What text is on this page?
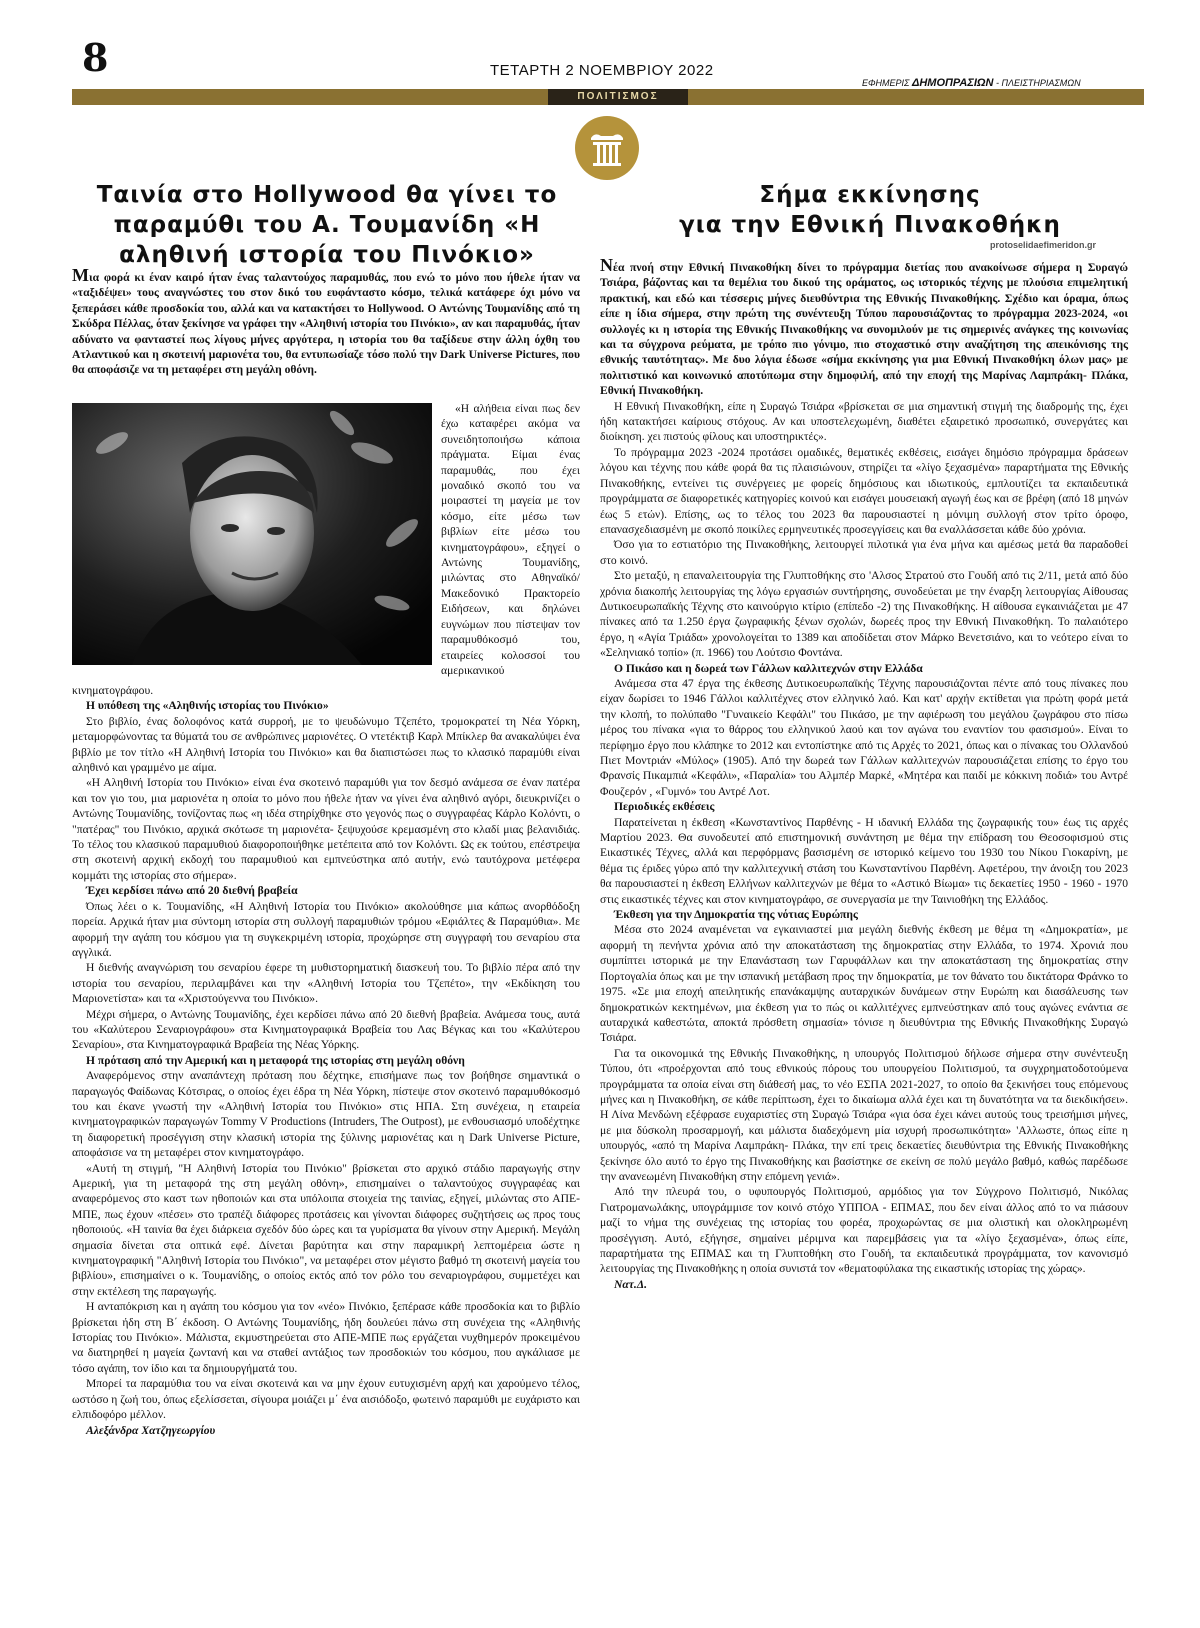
8	ΤΕΤΑΡΤΗ 2 ΝΟΕΜΒΡΙΟΥ 2022
ΕΦΗΜΕΡΙΣ ΔΗΜΟΠΡΑΣΙΩΝ - ΠΛΕΙΣΤΗΡΙΑΣΜΩΝ
ΠΟΛΙΤΙΣΜΟΣ
protoselidaefimeridon.gr
Ταινία στο Hollywood θα γίνει το παραμύθι του Α. Τουμανίδη «Η αληθινή ιστορία του Πινόκιο»

Μια φορά κι έναν καιρό ήταν ένας ταλαντούχος παραμυθάς, που ενώ το μόνο που ήθελε ήταν να «ταξιδέψει» τους αναγνώστες του στον δικό του ευφάνταστο κόσμο, τελικά κατάφερε όχι μόνο να ξεπεράσει κάθε προσδοκία του, αλλά και να κατακτήσει το Hollywood. Ο Αντώνης Τουμανίδης από τη Σκύδρα Πέλλας, όταν ξεκίνησε να γράφει την «Αληθινή ιστορία του Πινόκιο», αν και παραμυθάς, ήταν αδύνατο να φανταστεί πως λίγους μήνες αργότερα, η ιστορία του θα ταξίδευε στην άλλη όχθη του Ατλαντικού και η σκοτεινή μαριονέτα του, θα εντυπωσίαζε τόσο πολύ την Dark Universe Pictures, που θα αποφάσιζε να τη μεταφέρει στη μεγάλη οθόνη.

«Η αλήθεια είναι πως δεν έχω καταφέρει ακόμα να συνειδητοποιήσω κάποια πράγματα. Είμαι ένας παραμυθάς, που έχει μοναδικό σκοπό του να μοιραστεί τη μαγεία με τον κόσμο, είτε μέσω των βιβλίων είτε μέσω του κινηματογράφου», εξηγεί ο Αντώνης Τουμανίδης, μιλώντας στο Αθηναϊκό/Μακεδονικό Πρακτορείο Ειδήσεων, και δηλώνει ευγνώμων που πίστεψαν τον παραμυθόκοσμό του, εταιρείες κολοσσοί του αμερικανικού

κινηματογράφου.

Η υπόθεση της «Αληθινής ιστορίας του Πινόκιο»

Στο βιβλίο, ένας δολοφόνος κατά συρροή, με το ψευδώνυμο Τζεπέτο, τρομοκρατεί τη Νέα Υόρκη, μεταμορφώνοντας τα θύματά του σε ανθρώπινες μαριονέτες. Ο ντετέκτιβ Καρλ Μπίκλερ θα ανακαλύψει ένα βιβλίο με τον τίτλο «Η Αληθινή Ιστορία του Πινόκιο» και θα διαπιστώσει πως το κλασικό παραμύθι είναι αληθινό και γραμμένο με αίμα.

«Η Αληθινή Ιστορία του Πινόκιο» είναι ένα σκοτεινό παραμύθι για τον δεσμό ανάμεσα σε έναν πατέρα και τον γιο του, μια μαριονέτα η οποία το μόνο που ήθελε ήταν να γίνει ένα αληθινό αγόρι, διευκρινίζει ο Αντώνης Τουμανίδης, τονίζοντας πως «η ιδέα στηρίχθηκε στο γεγονός πως ο συγγραφέας Κάρλο Κολόντι, ο "πατέρας" του Πινόκιο, αρχικά σκότωσε τη μαριονέτα- ξεψυχούσε κρεμασμένη στο κλαδί μιας βελανιδιάς. Το τέλος του κλασικού παραμυθιού διαφοροποιήθηκε μετέπειτα από τον Κολόντι. Ως εκ τούτου, επέστρεψα στη σκοτεινή αρχική εκδοχή του παραμυθιού και εμπνεύστηκα από αυτήν, ενώ ταυτόχρονα μετέφερα κομμάτι της ιστορίας στο σήμερα».

Έχει κερδίσει πάνω από 20 διεθνή βραβεία

Όπως λέει ο κ. Τουμανίδης, «Η Αληθινή Ιστορία του Πινόκιο» ακολούθησε μια κάπως ανορθόδοξη πορεία. Αρχικά ήταν μια σύντομη ιστορία στη συλλογή παραμυθιών τρόμου «Εφιάλτες & Παραμύθια». Με αφορμή την αγάπη του κόσμου για τη συγκεκριμένη ιστορία, προχώρησε στη συγγραφή του σεναρίου στα αγγλικά.

Η διεθνής αναγνώριση του σεναρίου έφερε τη μυθιστορηματική διασκευή του. Το βιβλίο πέρα από την ιστορία του σεναρίου, περιλαμβάνει και την «Αληθινή Ιστορία του Τζεπέτο», την «Εκδίκηση του Μαριονετίστα» και τα «Χριστούγεννα του Πινόκιο».

Μέχρι σήμερα, ο Αντώνης Τουμανίδης, έχει κερδίσει πάνω από 20 διεθνή βραβεία. Ανάμεσα τους, αυτά του «Καλύτερου Σεναριογράφου» στα Κινηματογραφικά Βραβεία του Λας Βέγκας και του «Καλύτερου Σεναρίου», στα Κινηματογραφικά Βραβεία της Νέας Υόρκης.

Η πρόταση από την Αμερική και η μεταφορά της ιστορίας στη μεγάλη οθόνη

Αναφερόμενος στην αναπάντεχη πρόταση που δέχτηκε, επισήμανε πως τον βοήθησε σημαντικά ο παραγωγός Φαίδωνας Κότσιρας, ο οποίος έχει έδρα τη Νέα Υόρκη, πίστεψε στον σκοτεινό παραμυθόκοσμό του και έκανε γνωστή την «Αληθινή Ιστορία του Πινόκιο» στις ΗΠΑ. Στη συνέχεια, η εταιρεία κινηματογραφικών παραγωγών Tommy V Productions (Intruders, The Outpost), με ενθουσιασμό υποδέχτηκε τη διαφορετική προσέγγιση στην κλασική ιστορία της ξύλινης μαριονέτας και η Dark Universe Picture, αποφάσισε να τη μεταφέρει στον κινηματογράφο.

«Αυτή τη στιγμή, "Η Αληθινή Ιστορία του Πινόκιο" βρίσκεται στο αρχικό στάδιο παραγωγής στην Αμερική, για τη μεταφορά της στη μεγάλη οθόνη», επισημαίνει ο ταλαντούχος συγγραφέας και αναφερόμενος στο καστ των ηθοποιών και στα υπόλοιπα στοιχεία της ταινίας, εξηγεί, μιλώντας στο ΑΠΕ-ΜΠΕ, πως έχουν «πέσει» στο τραπέζι διάφορες προτάσεις και γίνονται διάφορες συζητήσεις ως προς τους ηθοποιούς. «Η ταινία θα έχει διάρκεια σχεδόν δύο ώρες και τα γυρίσματα θα γίνουν στην Αμερική. Μεγάλη σημασία δίνεται στα οπτικά εφέ. Δίνεται βαρύτητα και στην παραμικρή λεπτομέρεια ώστε η κινηματογραφική "Αληθινή Ιστορία του Πινόκιο", να μεταφέρει στον μέγιστο βαθμό τη σκοτεινή μαγεία του βιβλίου», επισημαίνει ο κ. Τουμανίδης, ο οποίος εκτός από τον ρόλο του σεναριογράφου, συμμετέχει και στην εκτέλεση της παραγωγής.

Η ανταπόκριση και η αγάπη του κόσμου για τον «νέο» Πινόκιο, ξεπέρασε κάθε προσδοκία και το βιβλίο βρίσκεται ήδη στη Β΄ έκδοση. Ο Αντώνης Τουμανίδης, ήδη δουλεύει πάνω στη συνέχεια της «Αληθινής Ιστορίας του Πινόκιο». Μάλιστα, εκμυστηρεύεται στο ΑΠΕ-ΜΠΕ πως εργάζεται νυχθημερόν προκειμένου να διατηρηθεί η μαγεία ζωντανή και να σταθεί αντάξιος των προσδοκιών του κόσμου, που αγκάλιασε με τόσο αγάπη, τον ίδιο και τα δημιουργήματά του.

Μπορεί τα παραμύθια του να είναι σκοτεινά και να μην έχουν ευτυχισμένη αρχή και χαρούμενο τέλος, ωστόσο η ζωή του, όπως εξελίσσεται, σίγουρα μοιάζει μ΄ ένα αισιόδοξο, φωτεινό παραμύθι με ευχάριστο και ελπιδοφόρο μέλλον.

Αλεξάνδρα Χατζηγεωργίου
Σήμα εκκίνησης
για την Εθνική Πινακοθήκη

Νέα πνοή στην Εθνική Πινακοθήκη δίνει το πρόγραμμα διετίας που ανακοίνωσε σήμερα η Συραγώ Τσιάρα, βάζοντας και τα θεμέλια του δικού της οράματος, ως ιστορικός τέχνης με πλούσια επιμελητική πρακτική, και εδώ και τέσσερις μήνες διευθύντρια της Εθνικής Πινακοθήκης. Σχέδιο και όραμα, όπως είπε η ίδια σήμερα, στην πρώτη της συνέντευξη Τύπου παρουσιάζοντας το πρόγραμμα 2023-2024, «οι συλλογές κι η ιστορία της Εθνικής Πινακοθήκης να συνομιλούν με τις σημερινές ανάγκες της κοινωνίας και τα σύγχρονα ρεύματα, με τρόπο πιο γόνιμο, πιο στοχαστικό στην αναζήτηση της απεικόνισης της εθνικής ταυτότητας». Με δυο λόγια έδωσε «σήμα εκκίνησης για μια Εθνική Πινακοθήκη όλων μας» με πολιτιστικό και κοινωνικό αποτύπωμα στην δημοφιλή, από την εποχή της Μαρίνας Λαμπράκη- Πλάκα, Εθνική Πινακοθήκη.

Η Εθνική Πινακοθήκη, είπε η Συραγώ Τσιάρα «βρίσκεται σε μια σημαντική στιγμή της διαδρομής της, έχει ήδη κατακτήσει καίριους στόχους. Αν και υποστελεχωμένη, διαθέτει εξαιρετικό προσωπικό, συνεργάτες και διοίκηση. χει πιστούς φίλους και υποστηρικτές».

Το πρόγραμμα 2023 -2024 προτάσει ομαδικές, θεματικές εκθέσεις, εισάγει δημόσιο πρόγραμμα δράσεων λόγου και τέχνης που κάθε φορά θα τις πλαισιώνουν, στηρίζει τα «λίγο ξεχασμένα» παραρτήματα της Εθνικής Πινακοθήκης, εντείνει τις συνέργειες με φορείς δημόσιους και ιδιωτικούς, εμπλουτίζει τα εκπαιδευτικά προγράμματα σε διαφορετικές κατηγορίες κοινού και εισάγει μουσειακή αγωγή έως και σε βρέφη (από 18 μηνών έως 5 ετών). Επίσης, ως το τέλος του 2023 θα παρουσιαστεί η μόνιμη συλλογή στον τρίτο όροφο, επανασχεδιασμένη με σκοπό ποικίλες ερμηνευτικές προσεγγίσεις και θα εναλλάσσεται κάθε δύο χρόνια.

Όσο για το εστιατόριο της Πινακοθήκης, λειτουργεί πιλοτικά για ένα μήνα και αμέσως μετά θα παραδοθεί στο κοινό.

Στο μεταξύ, η επαναλειτουργία της Γλυπτοθήκης στο 'Αλσος Στρατού στο Γουδή από τις 2/11, μετά από δύο χρόνια διακοπής λειτουργίας της λόγω εργασιών συντήρησης, συνοδεύεται με την έναρξη λειτουργίας Αίθουσας Δυτικοευρωπαϊκής Τέχνης στο καινούργιο κτίριο (επίπεδο -2) της Πινακοθήκης. Η αίθουσα εγκαινιάζεται με 47 πίνακες από τα 1.250 έργα ζωγραφικής ξένων σχολών, δωρεές προς την Εθνική Πινακοθήκη. Το παλαιότερο έργο, η «Αγία Τριάδα» χρονολογείται το 1389 και αποδίδεται στον Μάρκο Βενετσιάνο, και το νεότερο είναι το «Σεληνιακό τοπίο» (π. 1966) του Λούτσιο Φοντάνα.

Ο Πικάσο και η δωρεά των Γάλλων καλλιτεχνών στην Ελλάδα

Ανάμεσα στα 47 έργα της έκθεσης Δυτικοευρωπαϊκής Τέχνης παρουσιάζονται πέντε από τους πίνακες που είχαν δωρίσει το 1946 Γάλλοι καλλιτέχνες στον ελληνικό λαό. Και κατ' αρχήν εκτίθεται για πρώτη φορά μετά την κλοπή, το πολύπαθο "Γυναικείο Κεφάλι" του Πικάσο, με την αφιέρωση του μεγάλου ζωγράφου στο πίσω μέρος του πίνακα «για το θάρρος του ελληνικού λαού και τον αγώνα του εναντίον του φασισμού». Είναι το περίφημο έργο που κλάπηκε το 2012 και εντοπίστηκε από τις Αρχές το 2021, όπως και ο πίνακας του Ολλανδού Πιετ Μοντριάν «Μύλος» (1905). Από την δωρεά των Γάλλων καλλιτεχνών παρουσιάζεται επίσης το έργο του Φρανσίς Πικαμπιά «Κεφάλι», «Παραλία» του Αλμπέρ Μαρκέ, «Μητέρα και παιδί με κόκκινη ποδιά» του Αντρέ Φουζερόν , «Γυμνό» του Αντρέ Λοτ.

Περιοδικές εκθέσεις

Παρατείνεται η έκθεση «Κωνσταντίνος Παρθένης - Η ιδανική Ελλάδα της ζωγραφικής του» έως τις αρχές Μαρτίου 2023. Θα συνοδευτεί από επιστημονική συνάντηση με θέμα την επίδραση του Θεοσοφισμού στις Εικαστικές Τέχνες, αλλά και περφόρμανς βασισμένη σε ιστορικό κείμενο του 1930 του Νίκου Γιοκαρίνη, με θέμα τις έριδες γύρω από την καλλιτεχνική στάση του Κωνσταντίνου Παρθένη. Αφετέρου, την άνοιξη του 2023 θα παρουσιαστεί η έκθεση Ελλήνων καλλιτεχνών με θέμα το «Αστικό Βίωμα» τις δεκαετίες 1950 - 1960 - 1970 στις εικαστικές τέχνες και στον κινηματογράφο, σε συνεργασία με την Ταινιοθήκη της Ελλάδος.

Έκθεση για την Δημοκρατία της νότιας Ευρώπης

Μέσα στο 2024 αναμένεται να εγκαινιαστεί μια μεγάλη διεθνής έκθεση με θέμα τη «Δημοκρατία», με αφορμή τη πενήντα χρόνια από την αποκατάσταση της δημοκρατίας στην Ελλάδα, το 1974. Χρονιά που συμπίπτει ιστορικά με την Επανάσταση των Γαρυφάλλων και την αποκατάσταση της δημοκρατίας στην Πορτογαλία όπως και με την ισπανική μετάβαση προς την δημοκρατία, με τον θάνατο του δικτάτορα Φράνκο το 1975. «Σε μια εποχή απειλητικής επανάκαμψης αυταρχικών δυνάμεων στην Ευρώπη και διασάλευσης των δημοκρατικών κεκτημένων, μια έκθεση για το πώς οι καλλιτέχνες εμπνεύστηκαν από τους αγώνες ενάντια σε αυταρχικά καθεστώτα, αποκτά πρόσθετη σημασία» τόνισε η διευθύντρια της Εθνικής Πινακοθήκης Συραγώ Τσιάρα.

Για τα οικονομικά της Εθνικής Πινακοθήκης, η υπουργός Πολιτισμού δήλωσε σήμερα στην συνέντευξη Τύπου, ότι «προέρχονται από τους εθνικούς πόρους του υπουργείου Πολιτισμού, τα συγχρηματοδοτούμενα προγράμματα τα οποία είναι στη διάθεσή μας, το νέο ΕΣΠΑ 2021-2027, το οποίο θα ξεκινήσει τους επόμενους μήνες και η Πινακοθήκη, σε κάθε περίπτωση, έχει το δικαίωμα αλλά έχει και τη δυνατότητα να τα διεκδικήσει». Η Λίνα Μενδώνη εξέφρασε ευχαριστίες στη Συραγώ Τσιάρα «για όσα έχει κάνει αυτούς τους τρεισήμισι μήνες, με μια δύσκολη προσαρμογή, και μάλιστα διαδεχόμενη μία ισχυρή προσωπικότητα» 'Αλλωστε, όπως είπε η υπουργός, «από τη Μαρίνα Λαμπράκη- Πλάκα, την επί τρεις δεκαετίες διευθύντρια της Εθνικής Πινακοθήκης ξεκίνησε όλο αυτό το έργο της Πινακοθήκης και βασίστηκε σε εκείνη σε πολύ μεγάλο βαθμό, καθώς παρέδωσε την ανανεωμένη Πινακοθήκη στην επόμενη γενιά».

Από την πλευρά του, ο υφυπουργός Πολιτισμού, αρμόδιος για τον Σύγχρονο Πολιτισμό, Νικόλας Γιατρομανωλάκης, υπογράμμισε τον κοινό στόχο ΥΠΠΟΑ - ΕΠΜΑΣ, που δεν είναι άλλος από το να πιάσουν μαζί το νήμα της συνέχειας της ιστορίας του φορέα, προχωρώντας σε μια ολιστική και ολοκληρωμένη προσέγγιση. Αυτό, εξήγησε, σημαίνει μέριμνα και παρεμβάσεις για τα «λίγο ξεχασμένα», όπως είπε, παραρτήματα της ΕΠΜΑΣ και τη Γλυπτοθήκη στο Γουδή, τα εκπαιδευτικά προγράμματα, τον κανονισμό λειτουργίας της Πινακοθήκης η οποία συνιστά τον «θεματοφύλακα της εικαστικής ιστορίας της χώρας».

Νατ.Δ.
